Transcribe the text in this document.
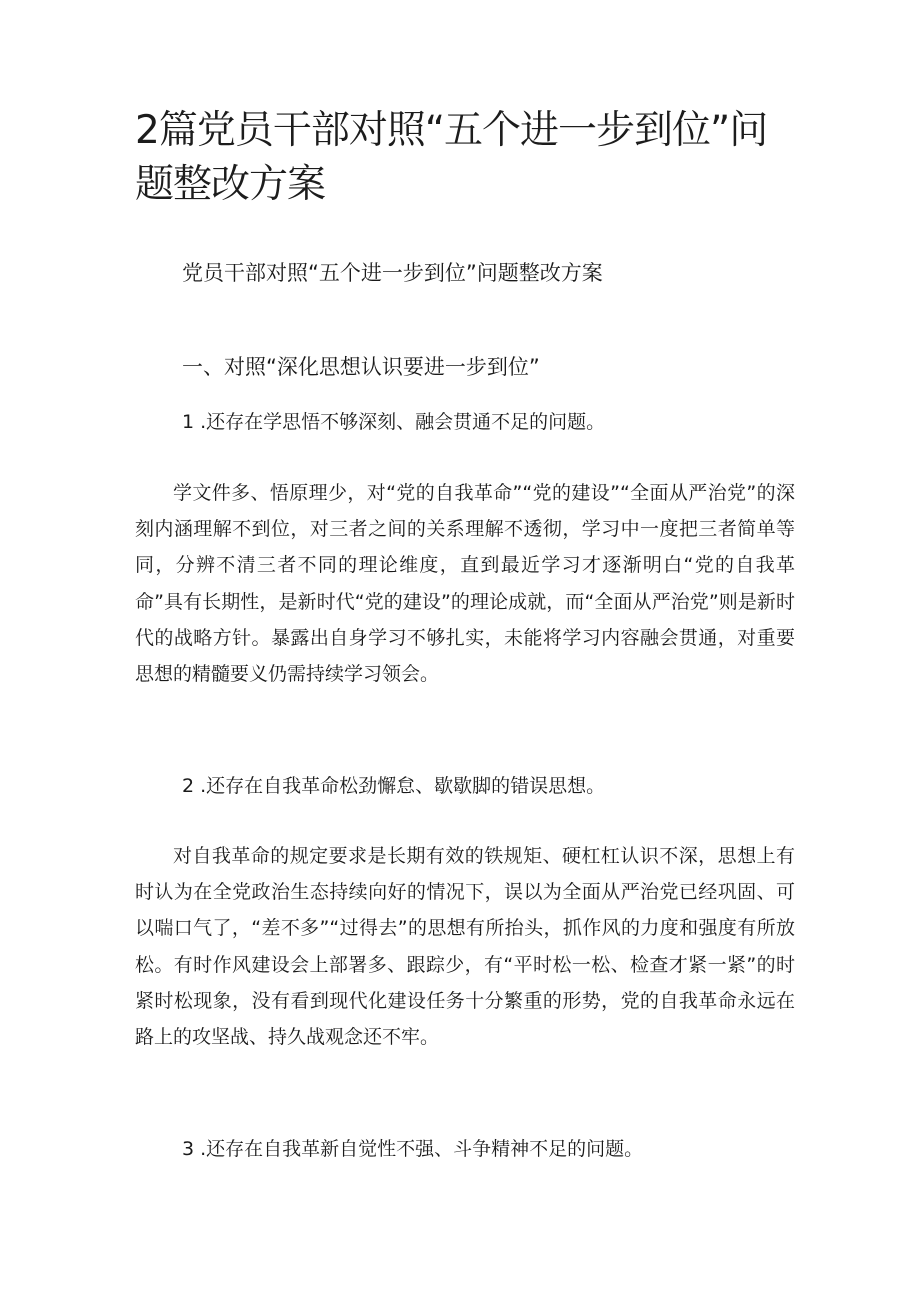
2篇党员干部对照“五个进一步到位”问题整改方案
党员干部对照“五个进一步到位”问题整改方案
一、对照“深化思想认识要进一步到位”

1 .还存在学思悟不够深刻、融会贯通不足的问题。

学文件多、悟原理少，对“党的自我革命”“党的建设”“全面从严治党”的深刻内涵理解不到位，对三者之间的关系理解不透彻，学习中一度把三者简单等同，分辨不清三者不同的理论维度，直到最近学习才逐渐明白“党的自我革命”具有长期性，是新时代“党的建设”的理论成就，而“全面从严治党”则是新时代的战略方针。暴露出自身学习不够扎实，未能将学习内容融会贯通，对重要思想的精髓要义仍需持续学习领会。

2 .还存在自我革命松劲懈怠、歇歇脚的错误思想。

对自我革命的规定要求是长期有效的铁规矩、硬杠杠认识不深，思想上有时认为在全党政治生态持续向好的情况下，误以为全面从严治党已经巩固、可以喘口气了，“差不多”“过得去”的思想有所抬头，抓作风的力度和强度有所放松。有时作风建设会上部署多、跟踪少，有“平时松一松、检查才紧一紧”的时紧时松现象，没有看到现代化建设任务十分繁重的形势，党的自我革命永远在路上的攻坚战、持久战观念还不牢。

3 .还存在自我革新自觉性不强、斗争精神不足的问题。
